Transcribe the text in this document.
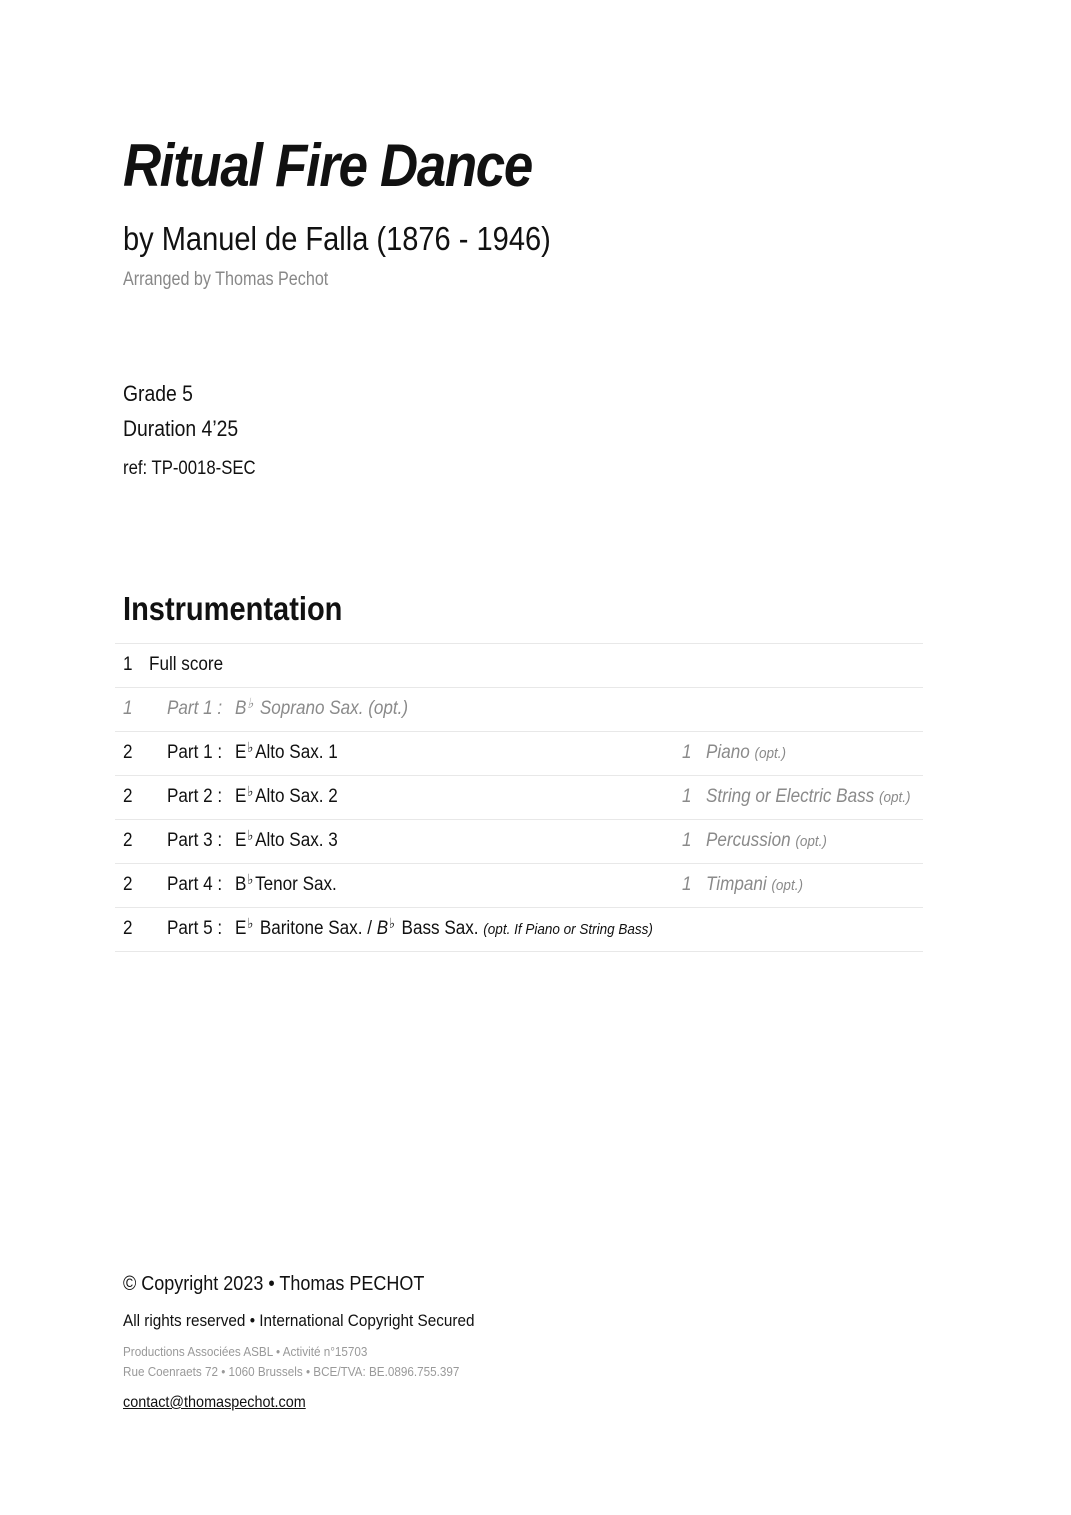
Ritual Fire Dance
by Manuel de Falla (1876 - 1946)
Arranged by Thomas Pechot
Grade 5
Duration 4’25
ref: TP-0018-SEC
Instrumentation
1 Full score
1 Part 1 : B♭ Soprano Sax. (opt.)
2 Part 1 : E♭Alto Sax. 1	1 Piano (opt.)
2 Part 2 : E♭Alto Sax. 2	1 String or Electric Bass (opt.)
2 Part 3 : E♭Alto Sax. 3	1 Percussion (opt.)
2 Part 4 : B♭Tenor Sax.	1 Timpani (opt.)
2 Part 5 : E♭ Baritone Sax. / B♭ Bass Sax. (opt. If Piano or String Bass)
© Copyright 2023 • Thomas PECHOT
All rights reserved • International Copyright Secured
Productions Associées ASBL • Activité n°15703
Rue Coenraets 72 • 1060 Brussels • BCE/TVA: BE.0896.755.397
contact@thomaspechot.com
